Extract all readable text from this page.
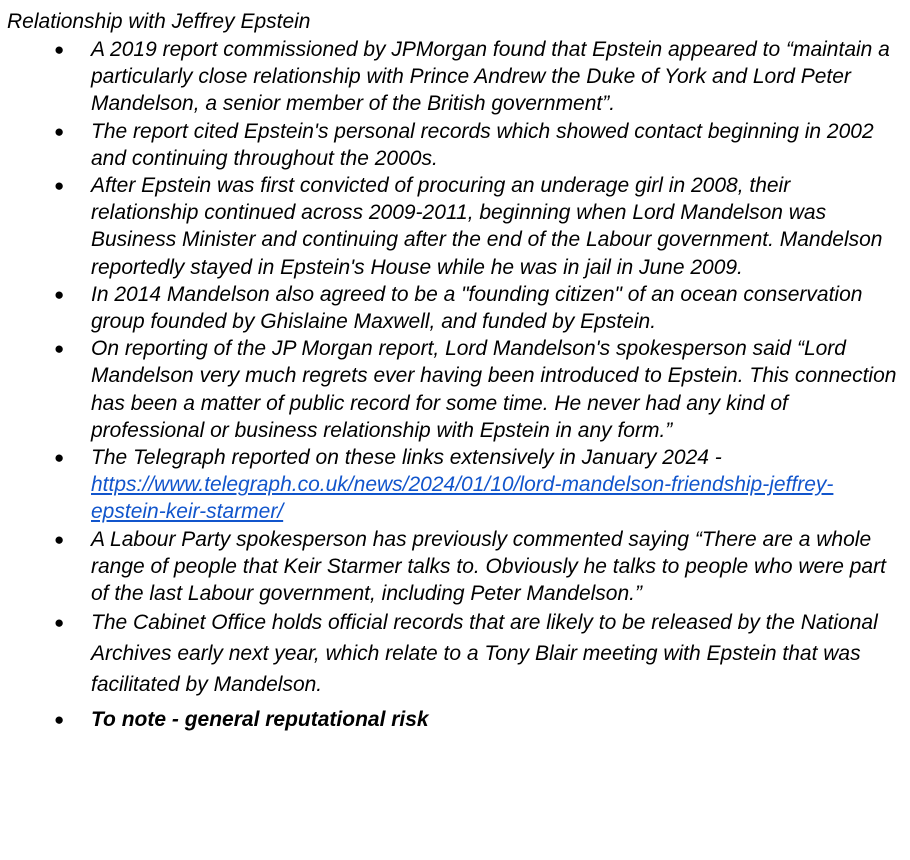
Relationship with Jeffrey Epstein

● A 2019 report commissioned by JPMorgan found that Epstein appeared to “maintain a particularly close relationship with Prince Andrew the Duke of York and Lord Peter Mandelson, a senior member of the British government”.
● The report cited Epstein's personal records which showed contact beginning in 2002 and continuing throughout the 2000s.
● After Epstein was first convicted of procuring an underage girl in 2008, their relationship continued across 2009-2011, beginning when Lord Mandelson was Business Minister and continuing after the end of the Labour government. Mandelson reportedly stayed in Epstein's House while he was in jail in June 2009.
● In 2014 Mandelson also agreed to be a "founding citizen" of an ocean conservation group founded by Ghislaine Maxwell, and funded by Epstein.
● On reporting of the JP Morgan report, Lord Mandelson's spokesperson said “Lord Mandelson very much regrets ever having been introduced to Epstein. This connection has been a matter of public record for some time. He never had any kind of professional or business relationship with Epstein in any form.”
● The Telegraph reported on these links extensively in January 2024 - https://www.telegraph.co.uk/news/2024/01/10/lord-mandelson-friendship-jeffrey-epstein-keir-starmer/
● A Labour Party spokesperson has previously commented saying “There are a whole range of people that Keir Starmer talks to. Obviously he talks to people who were part of the last Labour government, including Peter Mandelson.”
● The Cabinet Office holds official records that are likely to be released by the National Archives early next year, which relate to a Tony Blair meeting with Epstein that was facilitated by Mandelson.
● To note - general reputational risk
